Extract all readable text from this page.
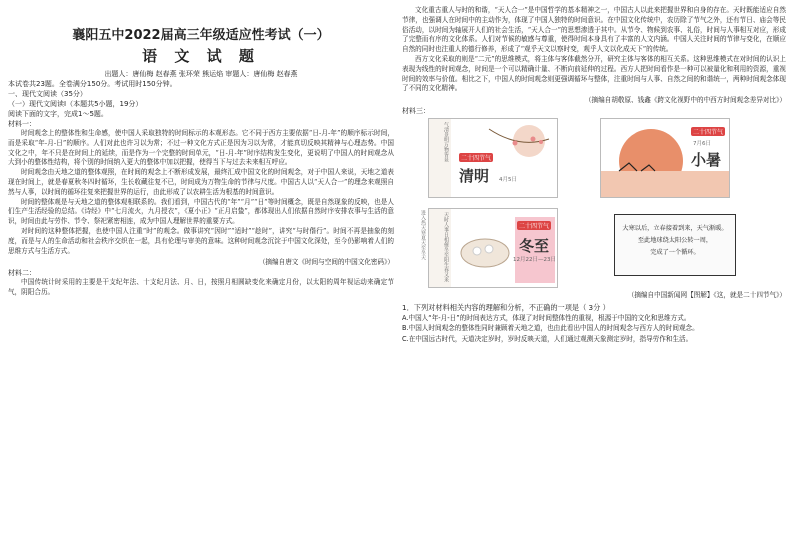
襄阳五中2022届高三年级适应性考试（一）
语 文 试 题
出题人：唐仙梅 赵春燕 张环荣 熊运焰 审题人：唐仙梅 赵春燕
本试卷共23题。全卷满分150分。考试用时150分钟。
一、现代文阅读（35分）
（一）现代文阅读Ⅰ（本题共5小题，19分）
阅读下面的文字，完成1～5题。
材料一：

时间观念上的整体性和生命感，使中国人采取独特的时间标示的本观形态。它不同于西方主要依据“日-月-年”的顺序标示时间，而是采取“年-月-日”的顺序。人们对此也许习以为常；不过一种文化方式正是因为习以为常，才能真切反映其精神与心理态势。中国文化之中，年不只是在时间上的延续，而是作为一个完整的时间单元，“日-月-年”时序结构发生变化，更说明了中国人的时间观念从大到小的整体性结构，将个别的时间纳入更大的整体中加以把握，使得当下与过去未来相互呼应。

时间观念由天地之道的整体观照，在时间的观念上不断形成发展，最终汇成中国文化的时间观念，对于中国人来说，天地之道表现在时间上，就是春夏秋冬四时循环，生长收藏往复不已，时间成为万物生命的节律与尺度。中国古人以“天人合一”的理念来观照自然与人事，以时间的循环往复来把握世界的运行，由此形成了以农耕生活为根基的时间意识。

时间的整体观是与天地之道的整体观相联系的。我们看到，中国古代的“年”“月”“日”等时间概念，既是自然现象的反映，也是人们生产生活经验的总结。《诗经》中“七月流火，九月授衣”，《夏小正》“正月启蛰”，都体现出人们依据自然时序安排农事与生活的意识，时间由此与劳作、节令、祭祀紧密相连，成为中国人理解世界的重要方式。

对时间的这种整体把握，也使中国人注重“时”的观念。做事讲究“因时”“适时”“趁时”，讲究“与时偕行”。时间不再是抽象的刻度，而是与人的生命活动和社会秩序交织在一起，具有伦理与审美的意味。这种时间观念沉淀于中国文化深处，至今仍影响着人们的思维方式与生活方式。

（摘编自唐文《时间与空间的中国文化密码》）
材料二：

中国传统计时采用的主要是干支纪年法、十支纪月法、月、日，按照月相圆缺变化来确定月份，以太阳的周年视运动来确定节气，阴阳合历。

文化重古重人与时的和谐，“天人合一”是中国哲学的基本精神之一，中国古人以此来把握世界和自身的存在。天时既能适应自然节律，也强调人在时间中的主动作为，体现了中国人独特的时间意识。在中国文化传统中，农历除了节气之外，还有节日、庙会等民俗活动，以时间为轴展开人们的社会生活，“天人合一”的思想渗透于其中。从节令、物候到农事、礼俗，时间与人事相互对应，形成了完整而有序的文化体系。人们对节候的敏感与尊重，使得时间本身具有了丰富的人文内涵。中国人关注时间的节律与变化，在顺应自然的同时也注重人的德行修养，形成了“观乎天文以察时变，观乎人文以化成天下”的传统。

西方文化采取的则是“二元”的思维模式，将主体与客体截然分开，研究主体与客体的相互关系。这种思维模式在对时间的认识上表现为线性的时间观念，时间是一个可以精确计量、不断向前延伸的过程。西方人把时间看作是一种可以被量化和利用的资源，重视时间的效率与价值。相比之下，中国人的时间观念则更强调循环与整体，注重时间与人事、自然之间的和谐统一，两种时间观念体现了不同的文化精神。

（摘编自胡敬原、钱鑫《跨文化视野中的中西方时间观念差异对比》）
材料三：
气清景明万物皆显	二十四节气
清明 4月5日
二十四节气
7月6日
小暑
天时人事日相催冬至阳生春又来	二十四节气
冬至
12月22日—23日
进入热天寒夏天至冬天	大寒以后，立春接着到来，天气渐暖。
至此地球绕太阳公转一周，
完成了一个循环。
（摘编自中国新闻网【图解】《这，就是二十四节气》）
1．下列对材料相关内容的理解和分析，不正确的一项是（ 3分 ）

A.中国人“年-月-日”的时间表达方式，体现了对时间整体性的重视，根源于中国的文化和思维方式。

B.中国人时间观念的整体性同时兼顾着天地之道，也由此看出中国人的时间观念与西方人的时间观念。

C.在中国远古时代，天道决定岁时，岁时反映天道，人们通过观测天象测定岁时，指导劳作和生活。
